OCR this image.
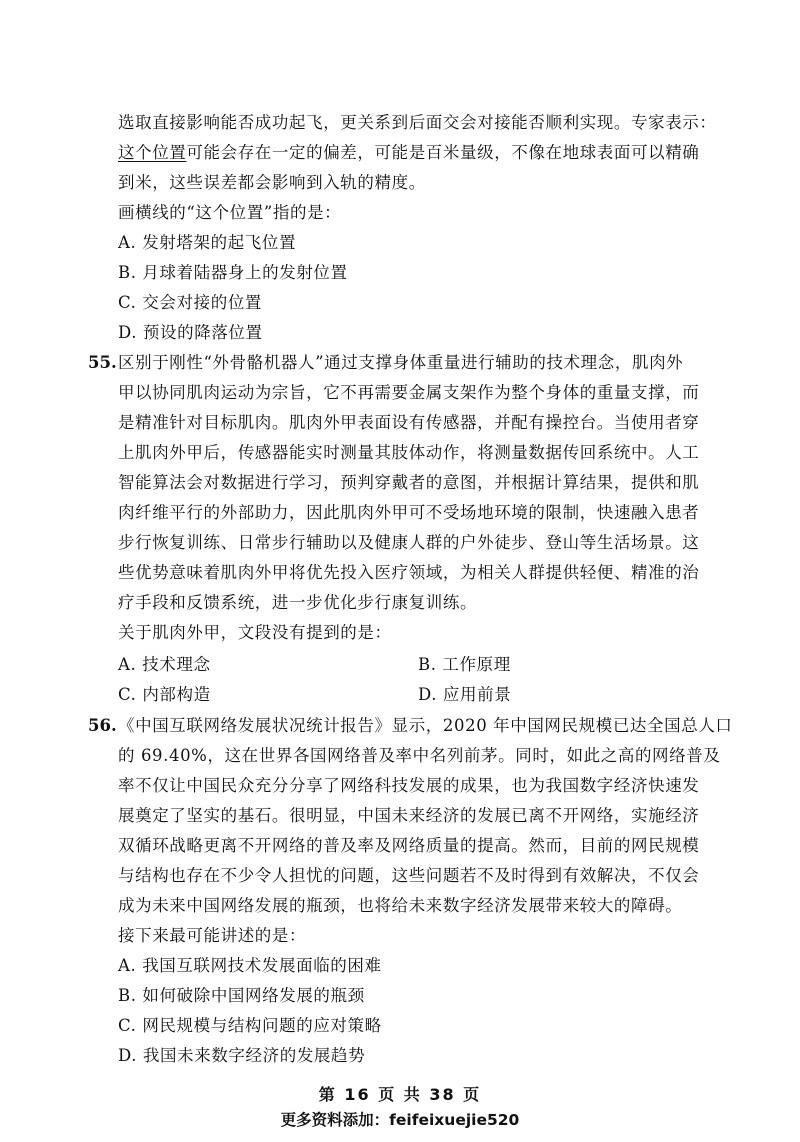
选取直接影响能否成功起飞，更关系到后面交会对接能否顺利实现。专家表示：
这个位置可能会存在一定的偏差，可能是百米量级，不像在地球表面可以精确
到米，这些误差都会影响到入轨的精度。
画横线的“这个位置”指的是：
A. 发射塔架的起飞位置
B. 月球着陆器身上的发射位置
C. 交会对接的位置
D. 预设的降落位置
55. 区别于刚性“外骨骼机器人”通过支撑身体重量进行辅助的技术理念，肌肉外
甲以协同肌肉运动为宗旨，它不再需要金属支架作为整个身体的重量支撑，而
是精准针对目标肌肉。肌肉外甲表面设有传感器，并配有操控台。当使用者穿
上肌肉外甲后，传感器能实时测量其肢体动作，将测量数据传回系统中。人工
智能算法会对数据进行学习，预判穿戴者的意图，并根据计算结果，提供和肌
肉纤维平行的外部助力，因此肌肉外甲可不受场地环境的限制，快速融入患者
步行恢复训练、日常步行辅助以及健康人群的户外徒步、登山等生活场景。这
些优势意味着肌肉外甲将优先投入医疗领域，为相关人群提供轻便、精准的治
疗手段和反馈系统，进一步优化步行康复训练。
关于肌肉外甲，文段没有提到的是：
A. 技术理念	B. 工作原理
C. 内部构造	D. 应用前景
56. 《中国互联网络发展状况统计报告》显示，2020 年中国网民规模已达全国总人口
的 69.40%，这在世界各国网络普及率中名列前茅。同时，如此之高的网络普及
率不仅让中国民众充分分享了网络科技发展的成果，也为我国数字经济快速发
展奠定了坚实的基石。很明显，中国未来经济的发展已离不开网络，实施经济
双循环战略更离不开网络的普及率及网络质量的提高。然而，目前的网民规模
与结构也存在不少令人担忧的问题，这些问题若不及时得到有效解决，不仅会
成为未来中国网络发展的瓶颈，也将给未来数字经济发展带来较大的障碍。
接下来最可能讲述的是：
A. 我国互联网技术发展面临的困难
B. 如何破除中国网络发展的瓶颈
C. 网民规模与结构问题的应对策略
D. 我国未来数字经济的发展趋势
第 16 页 共 38 页
更多资料添加：feifeixuejie520
